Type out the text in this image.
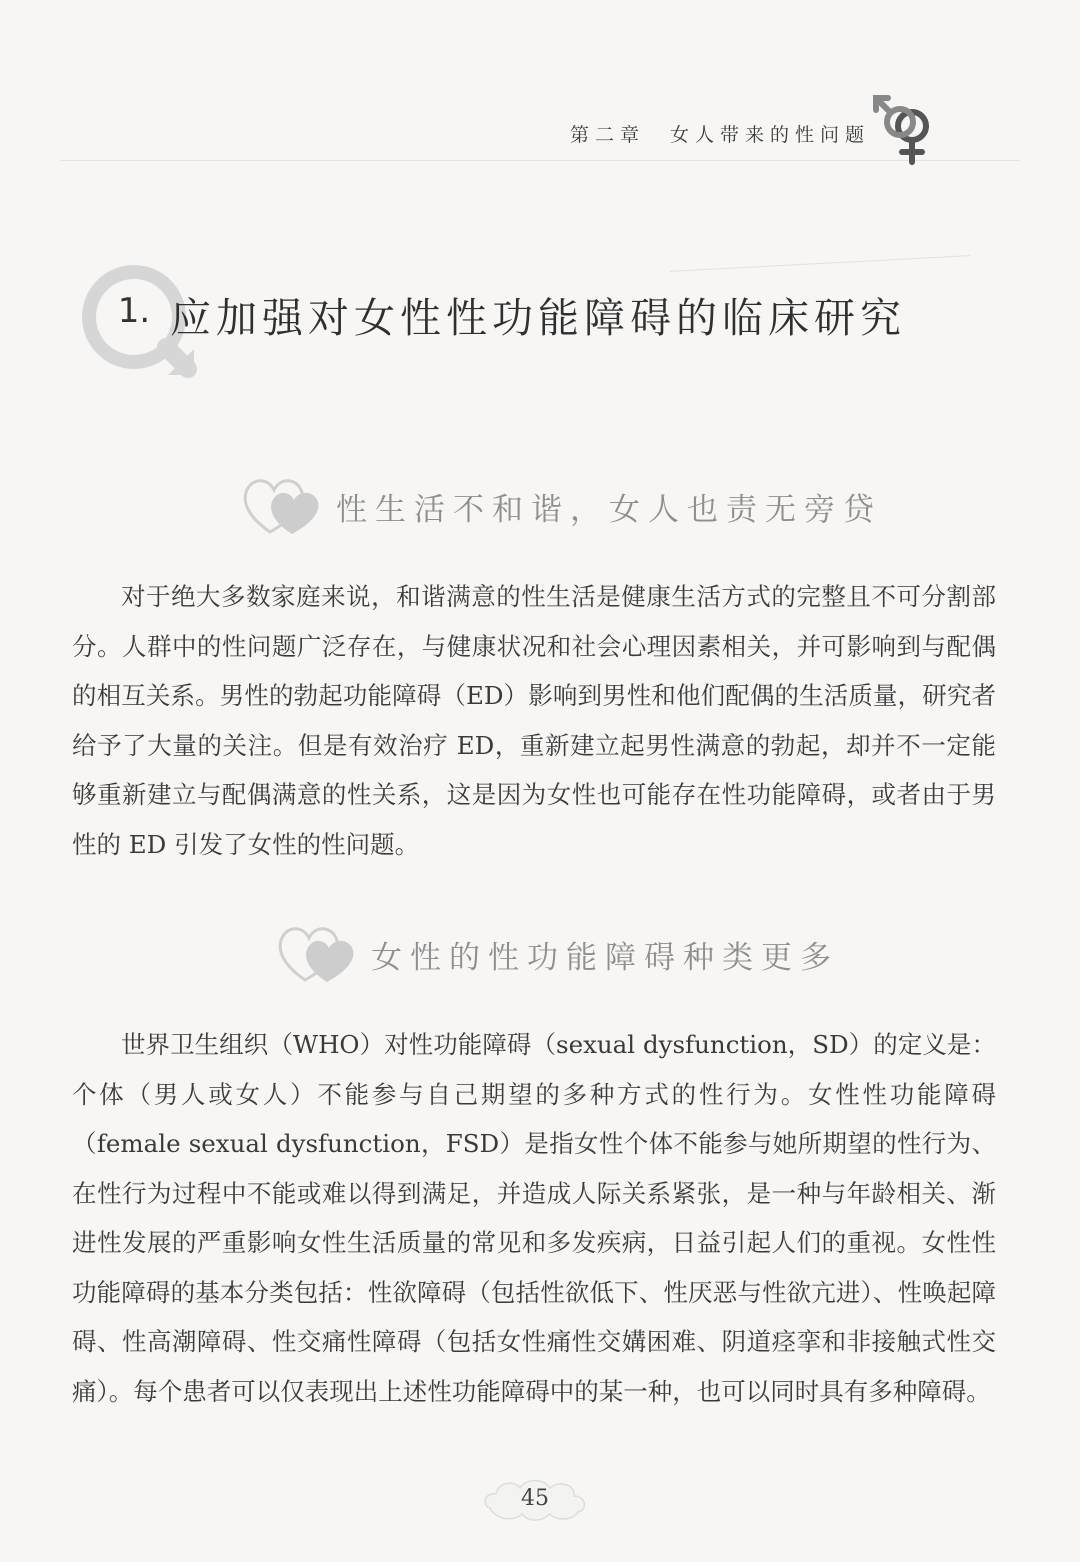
第二章　女人带来的性问题
1. 应加强对女性性功能障碍的临床研究
性生活不和谐，女人也责无旁贷

对于绝大多数家庭来说，和谐满意的性生活是健康生活方式的完整且不可分割部分。人群中的性问题广泛存在，与健康状况和社会心理因素相关，并可影响到与配偶的相互关系。男性的勃起功能障碍（ED）影响到男性和他们配偶的生活质量，研究者给予了大量的关注。但是有效治疗 ED，重新建立起男性满意的勃起，却并不一定能够重新建立与配偶满意的性关系，这是因为女性也可能存在性功能障碍，或者由于男性的 ED 引发了女性的性问题。

女性的性功能障碍种类更多

世界卫生组织（WHO）对性功能障碍（sexual dysfunction，SD）的定义是：个体（男人或女人）不能参与自己期望的多种方式的性行为。女性性功能障碍（female sexual dysfunction，FSD）是指女性个体不能参与她所期望的性行为、在性行为过程中不能或难以得到满足，并造成人际关系紧张，是一种与年龄相关、渐进性发展的严重影响女性生活质量的常见和多发疾病，日益引起人们的重视。女性性功能障碍的基本分类包括：性欲障碍（包括性欲低下、性厌恶与性欲亢进）、性唤起障碍、性高潮障碍、性交痛性障碍（包括女性痛性交媾困难、阴道痉挛和非接触式性交痛）。每个患者可以仅表现出上述性功能障碍中的某一种，也可以同时具有多种障碍。

45
